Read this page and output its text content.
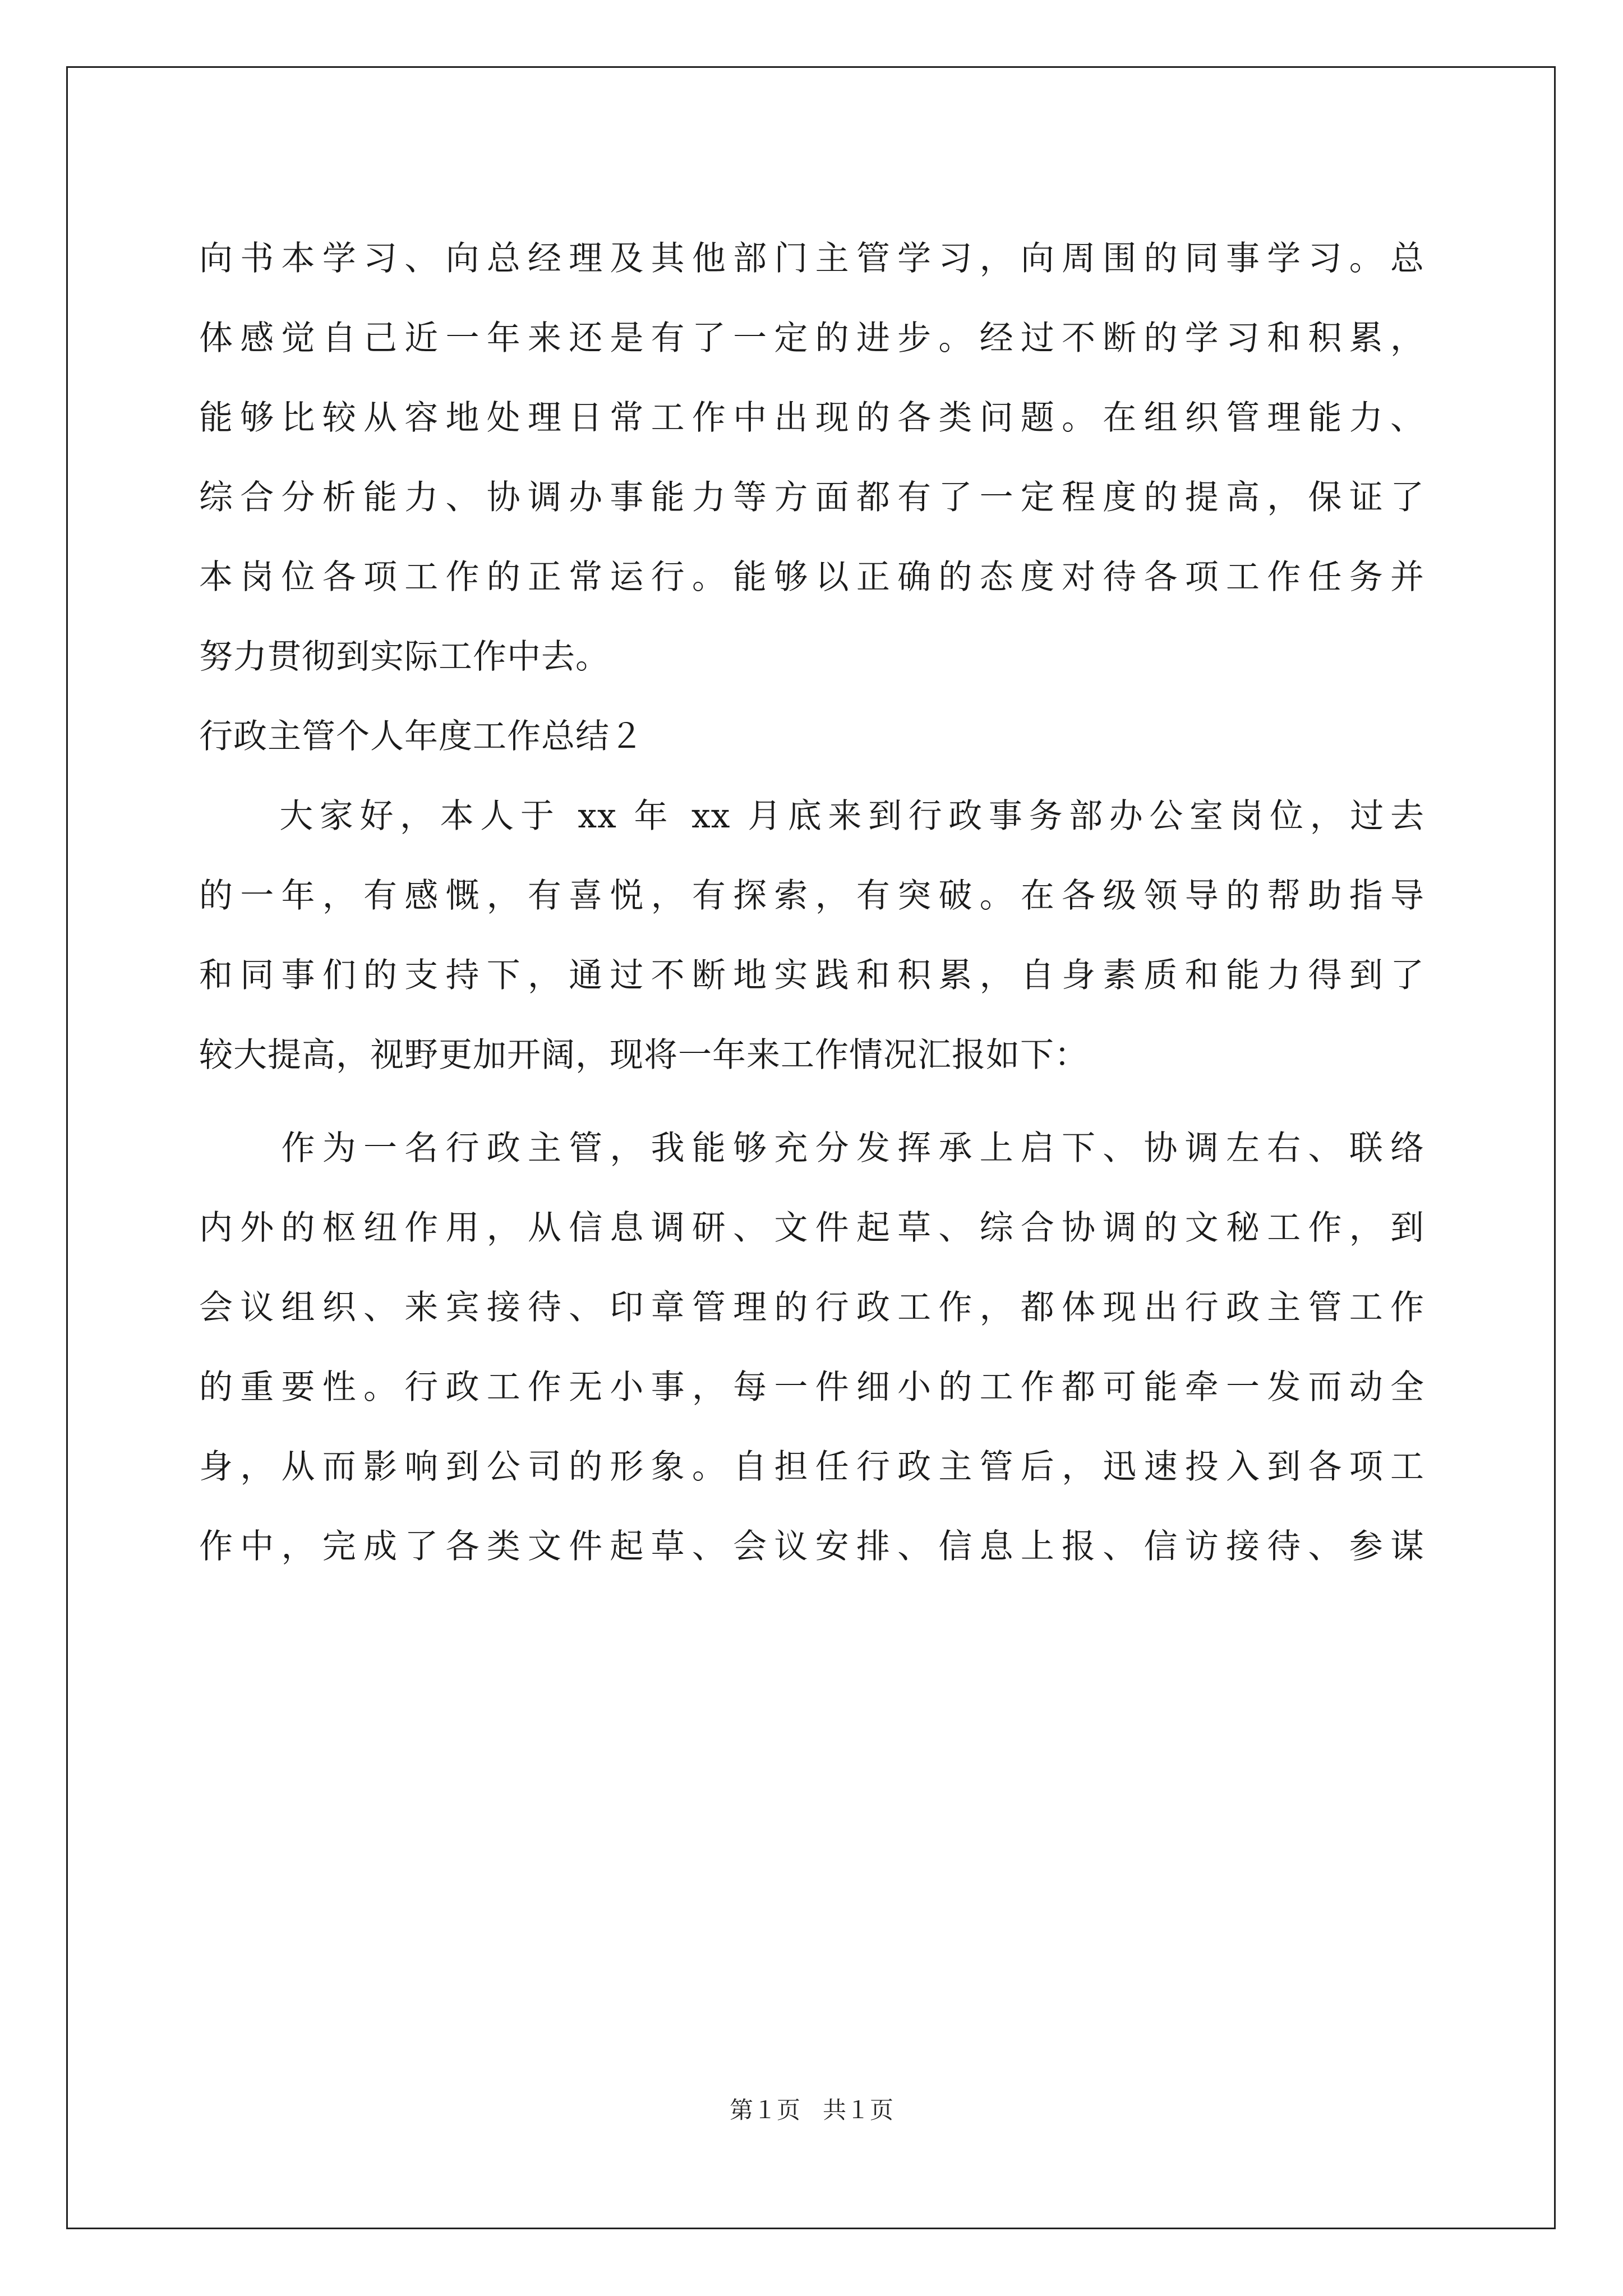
向书本学习、向总经理及其他部门主管学习，向周围的同事学习。总
体感觉自己近一年来还是有了一定的进步。经过不断的学习和积累，
能够比较从容地处理日常工作中出现的各类问题。在组织管理能力、
综合分析能力、协调办事能力等方面都有了一定程度的提高，保证了
本岗位各项工作的正常运行。能够以正确的态度对待各项工作任务并
努力贯彻到实际工作中去。
行政主管个人年度工作总结２
　　大家好，本人于 xx 年 xx 月底来到行政事务部办公室岗位，过去
的一年，有感慨，有喜悦，有探索，有突破。在各级领导的帮助指导
和同事们的支持下，通过不断地实践和积累，自身素质和能力得到了
较大提高，视野更加开阔，现将一年来工作情况汇报如下：
　　作为一名行政主管，我能够充分发挥承上启下、协调左右、联络
内外的枢纽作用，从信息调研、文件起草、综合协调的文秘工作，到
会议组织、来宾接待、印章管理的行政工作，都体现出行政主管工作
的重要性。行政工作无小事，每一件细小的工作都可能牵一发而动全
身，从而影响到公司的形象。自担任行政主管后，迅速投入到各项工
作中，完成了各类文件起草、会议安排、信息上报、信访接待、参谋
第１页 共１页
